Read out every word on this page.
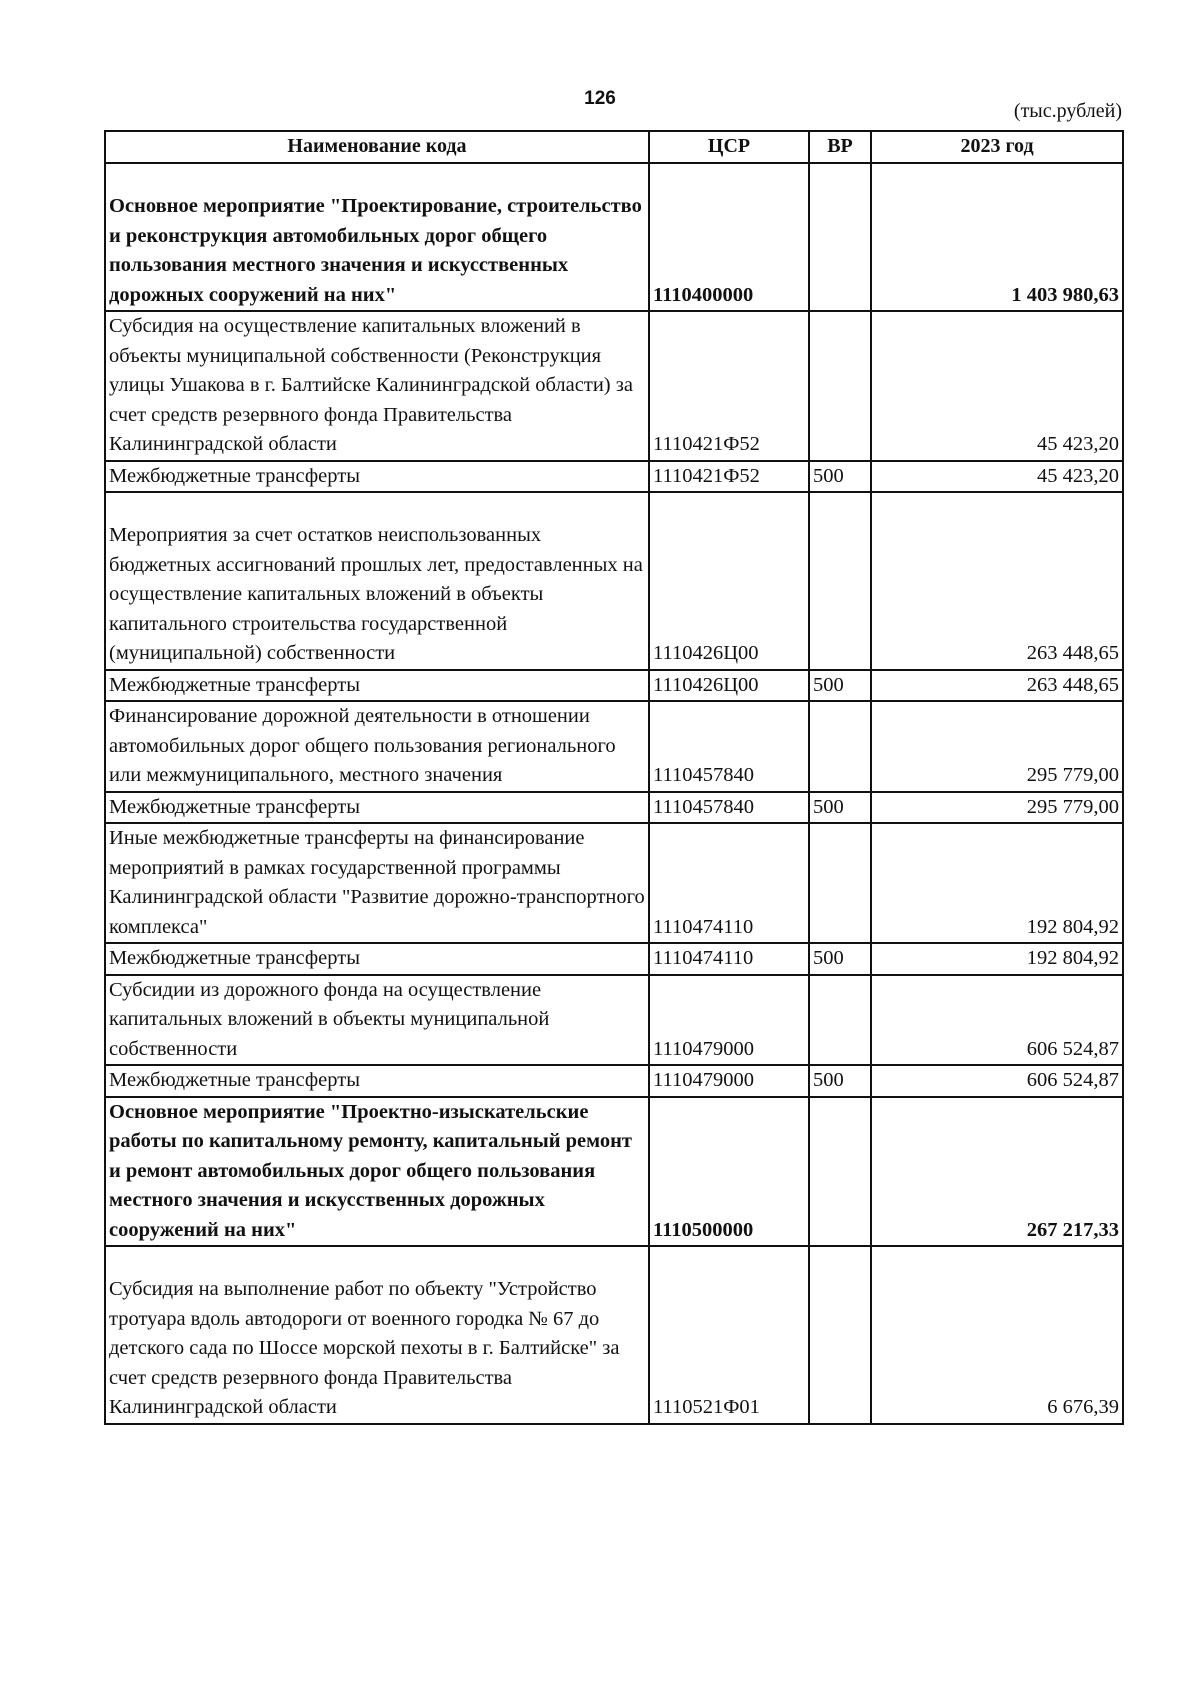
126
(тыс.рублей)
Наименование кода	ЦСР	ВР	2023 год

Основное мероприятие "Проектирование, строительство и реконструкция автомобильных дорог общего пользования местного значения и искусственных дорожных сооружений на них"	1110400000		1 403 980,63
Субсидия на осуществление капитальных вложений в объекты муниципальной собственности (Реконструкция улицы Ушакова в г. Балтийске Калининградской области) за счет средств резервного фонда Правительства Калининградской области	1110421Ф52		45 423,20
Межбюджетные трансферты	1110421Ф52	500	45 423,20

Мероприятия за счет остатков неиспользованных бюджетных ассигнований прошлых лет, предоставленных на осуществление капитальных вложений в объекты капитального строительства государственной (муниципальной) собственности	1110426Ц00		263 448,65
Межбюджетные трансферты	1110426Ц00	500	263 448,65
Финансирование дорожной деятельности в отношении автомобильных дорог общего пользования регионального или межмуниципального, местного значения	1110457840		295 779,00
Межбюджетные трансферты	1110457840	500	295 779,00
Иные межбюджетные трансферты на финансирование мероприятий в рамках государственной программы Калининградской области "Развитие дорожно-транспортного комплекса"	1110474110		192 804,92
Межбюджетные трансферты	1110474110	500	192 804,92
Субсидии из дорожного фонда на осуществление капитальных вложений в объекты муниципальной собственности	1110479000		606 524,87
Межбюджетные трансферты	1110479000	500	606 524,87
Основное мероприятие "Проектно-изыскательские работы по капитальному ремонту, капитальный ремонт и ремонт автомобильных дорог общего пользования местного значения и искусственных дорожных сооружений на них"	1110500000		267 217,33

Субсидия на выполнение работ по объекту "Устройство тротуара вдоль автодороги от военного городка № 67 до детского сада по Шоссе морской пехоты в г. Балтийске" за счет средств резервного фонда Правительства Калининградской области	1110521Ф01		6 676,39
